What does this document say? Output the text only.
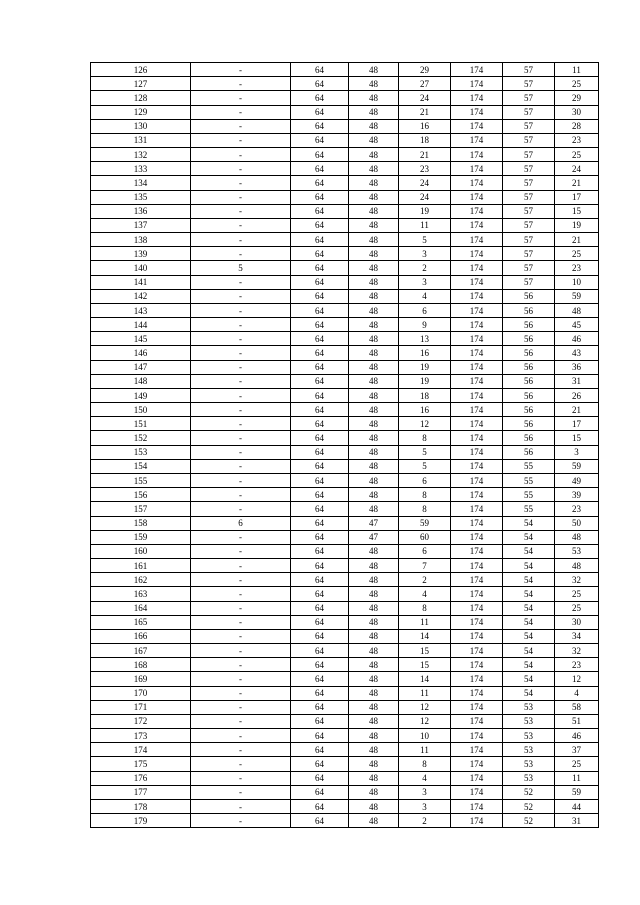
126	-	64	48	29	174	57	11
127	-	64	48	27	174	57	25
128	-	64	48	24	174	57	29
129	-	64	48	21	174	57	30
130	-	64	48	16	174	57	28
131	-	64	48	18	174	57	23
132	-	64	48	21	174	57	25
133	-	64	48	23	174	57	24
134	-	64	48	24	174	57	21
135	-	64	48	24	174	57	17
136	-	64	48	19	174	57	15
137	-	64	48	11	174	57	19
138	-	64	48	5	174	57	21
139	-	64	48	3	174	57	25
140	5	64	48	2	174	57	23
141	-	64	48	3	174	57	10
142	-	64	48	4	174	56	59
143	-	64	48	6	174	56	48
144	-	64	48	9	174	56	45
145	-	64	48	13	174	56	46
146	-	64	48	16	174	56	43
147	-	64	48	19	174	56	36
148	-	64	48	19	174	56	31
149	-	64	48	18	174	56	26
150	-	64	48	16	174	56	21
151	-	64	48	12	174	56	17
152	-	64	48	8	174	56	15
153	-	64	48	5	174	56	3
154	-	64	48	5	174	55	59
155	-	64	48	6	174	55	49
156	-	64	48	8	174	55	39
157	-	64	48	8	174	55	23
158	6	64	47	59	174	54	50
159	-	64	47	60	174	54	48
160	-	64	48	6	174	54	53
161	-	64	48	7	174	54	48
162	-	64	48	2	174	54	32
163	-	64	48	4	174	54	25
164	-	64	48	8	174	54	25
165	-	64	48	11	174	54	30
166	-	64	48	14	174	54	34
167	-	64	48	15	174	54	32
168	-	64	48	15	174	54	23
169	-	64	48	14	174	54	12
170	-	64	48	11	174	54	4
171	-	64	48	12	174	53	58
172	-	64	48	12	174	53	51
173	-	64	48	10	174	53	46
174	-	64	48	11	174	53	37
175	-	64	48	8	174	53	25
176	-	64	48	4	174	53	11
177	-	64	48	3	174	52	59
178	-	64	48	3	174	52	44
179	-	64	48	2	174	52	31
